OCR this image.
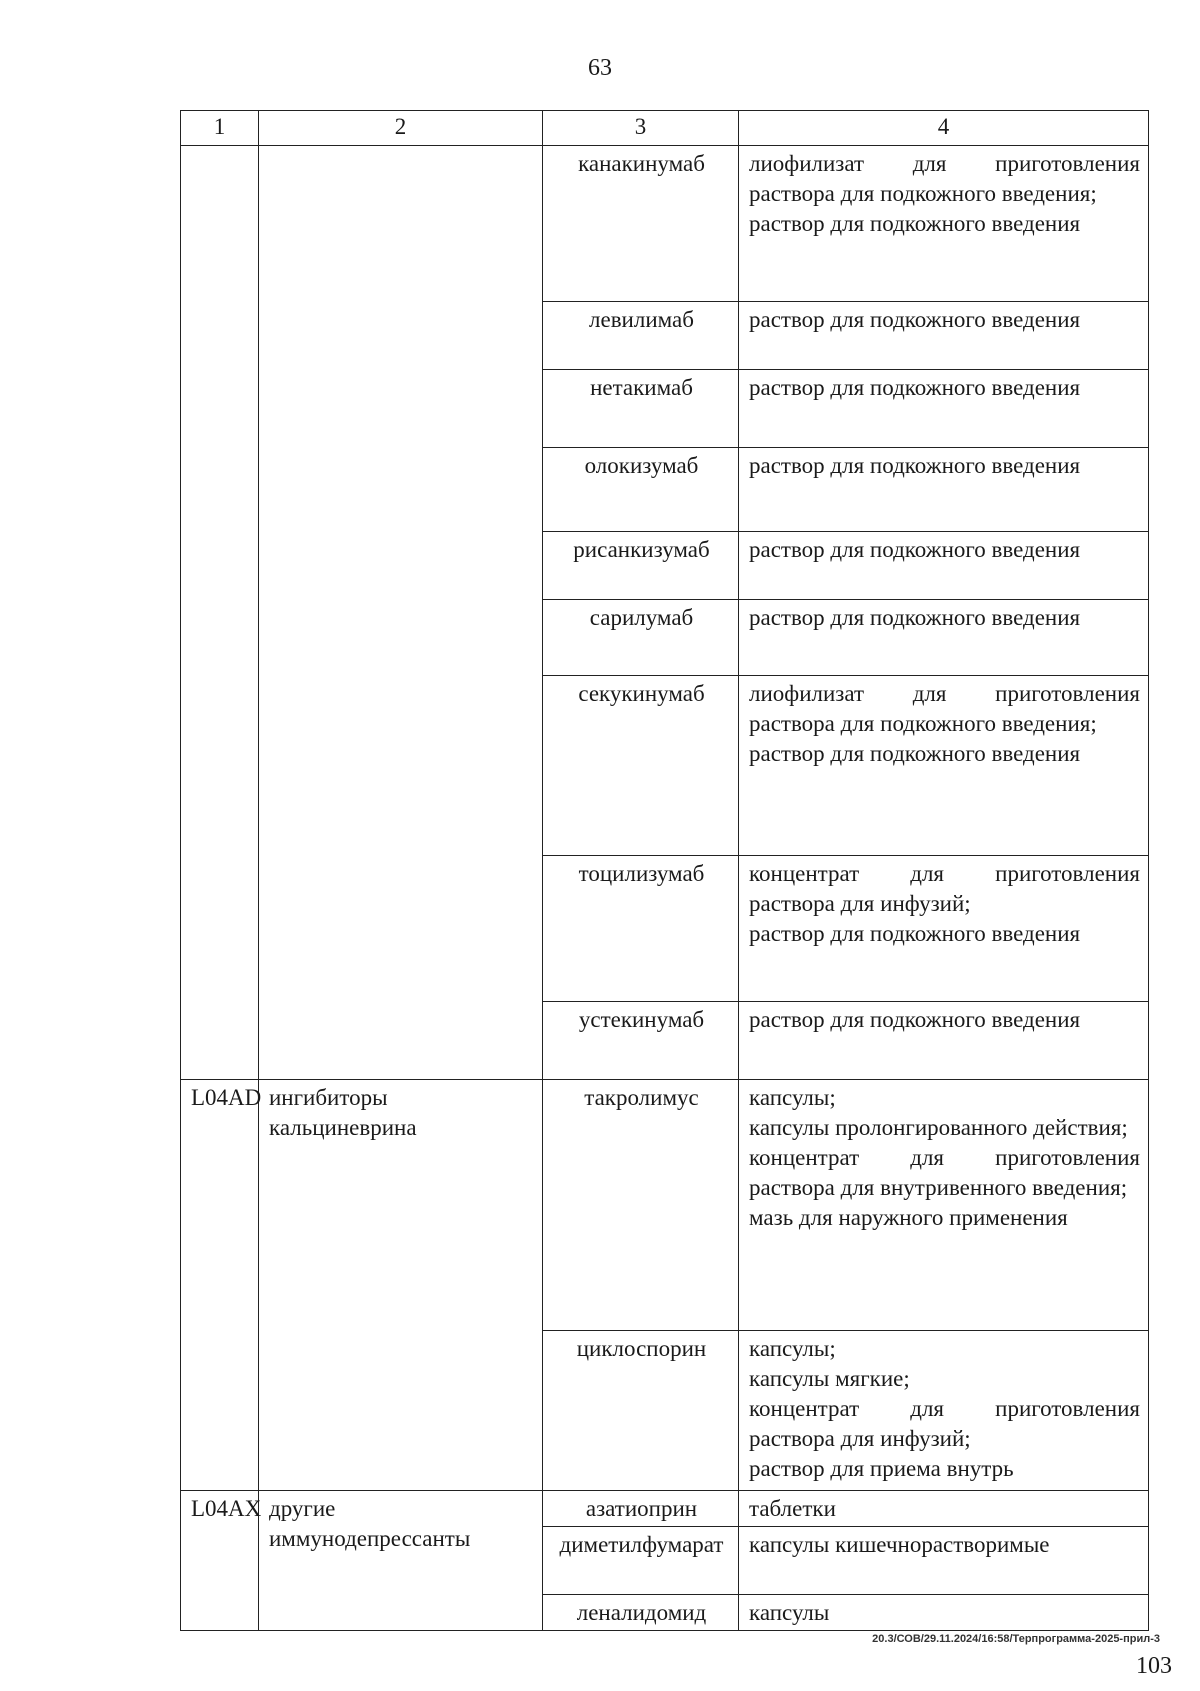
63
1	2	3	4
		канакинумаб	лиофилизат для приготовления раствора для подкожного введения;
раствор для подкожного введения

		левилимаб	раствор для подкожного введения

		нетакимаб	раствор для подкожного введения

		олокизумаб	раствор для подкожного введения

		рисанкизумаб	раствор для подкожного введения

		сарилумаб	раствор для подкожного введения

		секукинумаб	лиофилизат для приготовления раствора для подкожного введения;
раствор для подкожного введения

		тоцилизумаб	концентрат для приготовления раствора для инфузий;
раствор для подкожного введения

		устекинумаб	раствор для подкожного введения

L04AD	ингибиторы кальциневрина	такролимус	капсулы;
капсулы пролонгированного действия;
концентрат для приготовления раствора для внутривенного введения;
мазь для наружного применения

		циклоспорин	капсулы;
капсулы мягкие;
концентрат для приготовления раствора для инфузий;
раствор для приема внутрь

L04AX	другие иммунодепрессанты	азатиоприн	таблетки

		диметилфумарат	капсулы кишечнорастворимые

		леналидомид	капсулы
20.3/СОВ/29.11.2024/16:58/Терпрограмма-2025-прил-3
103
